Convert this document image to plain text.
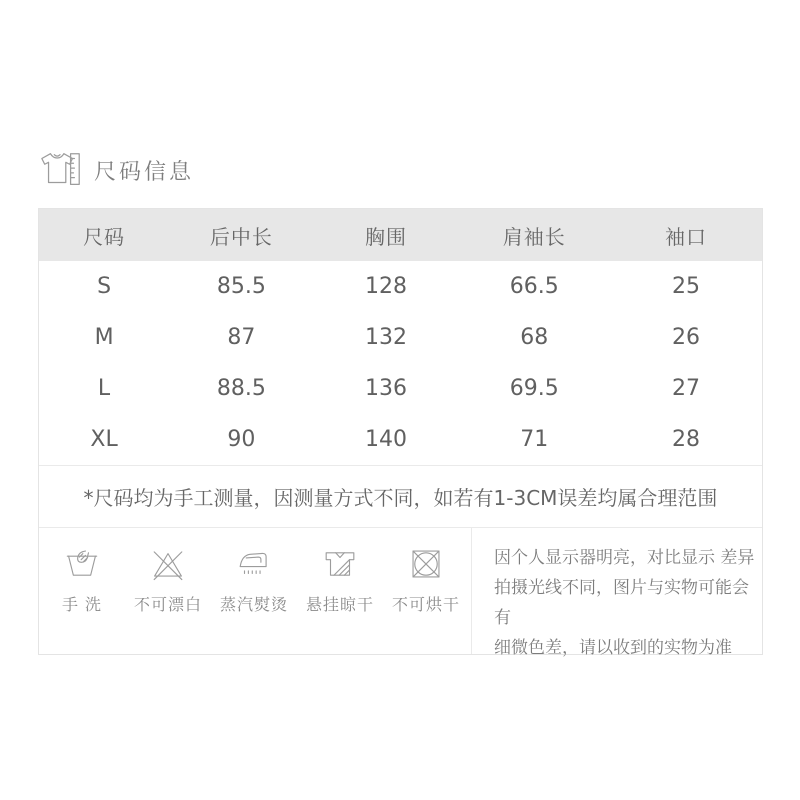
尺码信息
尺码	后中长	胸围	肩袖长	袖口
S	85.5	128	66.5	25
M	87	132	68	26
L	88.5	136	69.5	27
XL	90	140	71	28
*尺码均为手工测量，因测量方式不同，如若有1-3CM误差均属合理范围
手 洗 不可漂白 蒸汽熨烫 悬挂晾干 不可烘干
因个人显示器明亮，对比显示 差异
拍摄光线不同，图片与实物可能会有
细微色差，请以收到的实物为准
